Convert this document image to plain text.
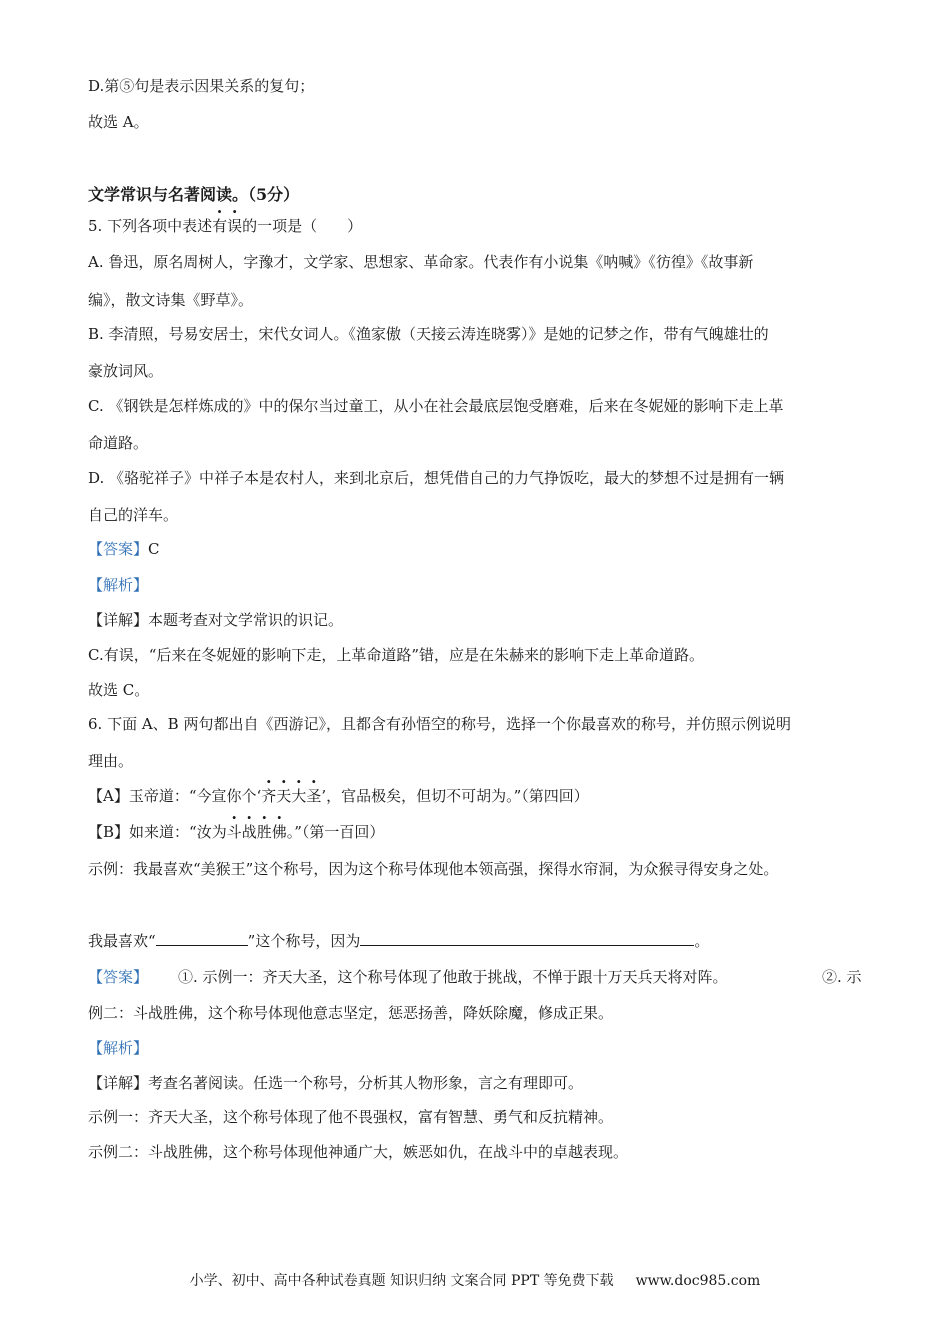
D.第⑤句是表示因果关系的复句；
故选 A。
文学常识与名著阅读。（5分）
5. 下列各项中表述有误的一项是（　　）
A. 鲁迅，原名周树人，字豫才，文学家、思想家、革命家。代表作有小说集《呐喊》《彷徨》《故事新
编》，散文诗集《野草》。
B. 李清照，号易安居士，宋代女词人。《渔家傲（天接云涛连晓雾）》是她的记梦之作，带有气魄雄壮的
豪放词风。
C. 《钢铁是怎样炼成的》中的保尔当过童工，从小在社会最底层饱受磨难，后来在冬妮娅的影响下走上革
命道路。
D. 《骆驼祥子》中祥子本是农村人，来到北京后，想凭借自己的力气挣饭吃，最大的梦想不过是拥有一辆
自己的洋车。
【答案】C
【解析】
【详解】本题考查对文学常识的识记。
C.有误，“后来在冬妮娅的影响下走，上革命道路”错，应是在朱赫来的影响下走上革命道路。
故选 C。
6. 下面 A、B 两句都出自《西游记》，且都含有孙悟空的称号，选择一个你最喜欢的称号，并仿照示例说明
理由。
【A】玉帝道：“今宣你个‘齐天大圣’，官品极矣，但切不可胡为。”（第四回）
【B】如来道：“汝为斗战胜佛。”（第一百回）
示例：我最喜欢“美猴王”这个称号，因为这个称号体现他本领高强，探得水帘洞，为众猴寻得安身之处。
我最喜欢“	”这个称号，因为	。
【答案】 ①. 示例一：齐天大圣，这个称号体现了他敢于挑战，不惮于跟十万天兵天将对阵。	②. 示
例二：斗战胜佛，这个称号体现他意志坚定，惩恶扬善，降妖除魔，修成正果。
【解析】
【详解】考查名著阅读。任选一个称号，分析其人物形象，言之有理即可。
示例一：齐天大圣，这个称号体现了他不畏强权，富有智慧、勇气和反抗精神。
示例二：斗战胜佛，这个称号体现他神通广大，嫉恶如仇，在战斗中的卓越表现。
小学、初中、高中各种试卷真题 知识归纳 文案合同 PPT 等免费下载 www.doc985.com
